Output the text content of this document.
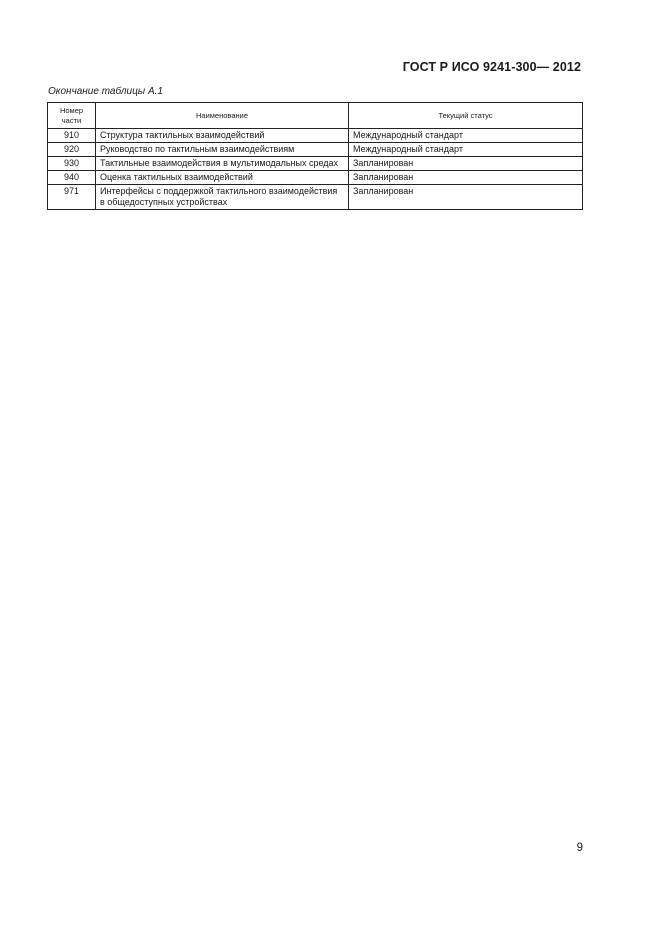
ГОСТ Р ИСО 9241-300— 2012
Окончание таблицы А.1
Номер
части	Наименование	Текущий статус
910	Структура тактильных взаимодействий	Международный стандарт
920	Руководство по тактильным взаимодействиям	Международный стандарт
930	Тактильные взаимодействия в мультимодальных средах	Запланирован
940	Оценка тактильных взаимодействий	Запланирован
971	Интерфейсы с поддержкой тактильного взаимодействия в общедоступных устройствах	Запланирован
9
